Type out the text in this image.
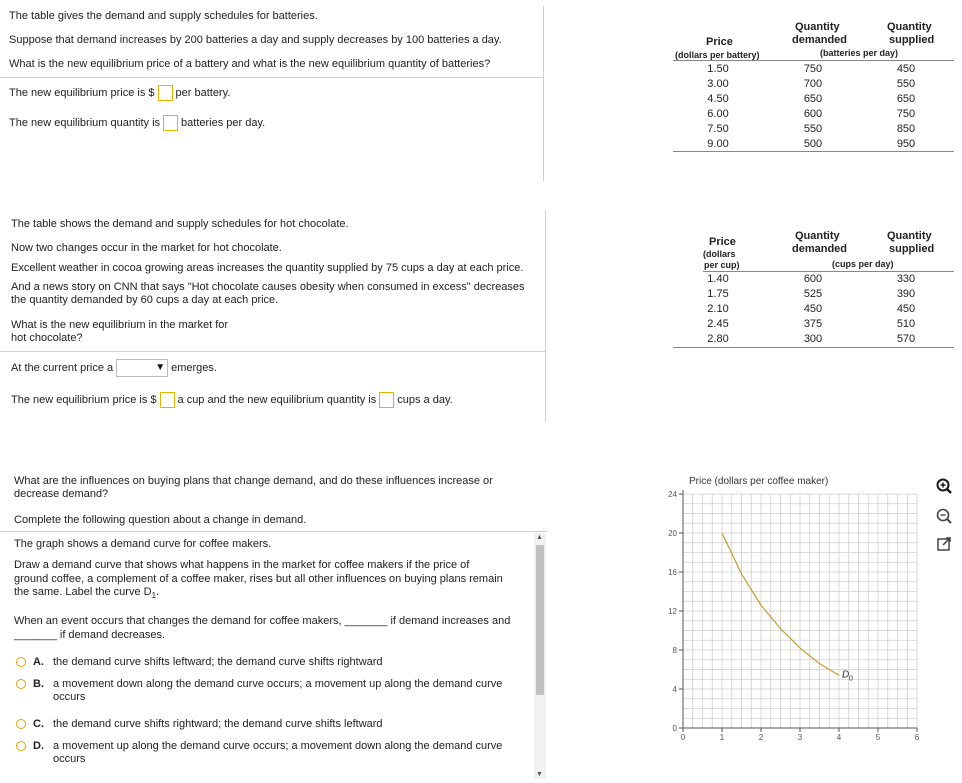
The table gives the demand and supply schedules for batteries.
Suppose that demand increases by 200 batteries a day and supply decreases by 100 batteries a day.
What is the new equilibrium price of a battery and what is the new equilibrium quantity of batteries?
The new equilibrium price is $ per battery.
The new equilibrium quantity is batteries per day.
Price
(dollars per battery)
Quantity
demanded
Quantity
supplied
(batteries per day)
1.50	750	450
3.00	700	550
4.50	650	650
6.00	600	750
7.50	550	850
9.00	500	950
The table shows the demand and supply schedules for hot chocolate.
Now two changes occur in the market for hot chocolate.
Excellent weather in cocoa growing areas increases the quantity supplied by 75 cups a day at each price.
And a news story on CNN that says "Hot chocolate causes obesity when consumed in excess" decreases
the quantity demanded by 60 cups a day at each price.
What is the new equilibrium in the market for
hot chocolate?
At the current price a	▼ emerges.
The new equilibrium price is $ a cup and the new equilibrium quantity is cups a day.
Price
(dollars
per cup)
Quantity
demanded
Quantity
supplied
(cups per day)
1.40	600	330
1.75	525	390
2.10	450	450
2.45	375	510
2.80	300	570
What are the influences on buying plans that change demand, and do these influences increase or
decrease demand?
Complete the following question about a change in demand.
The graph shows a demand curve for coffee makers.
Draw a demand curve that shows what happens in the market for coffee makers if the price of
ground coffee, a complement of a coffee maker, rises but all other influences on buying plans remain
the same. Label the curve $D_1$.
When an event occurs that changes the demand for coffee makers, _______ if demand increases and
_______ if demand decreases.
A. the demand curve shifts leftward; the demand curve shifts rightward
B. a movement down along the demand curve occurs; a movement up along the demand curve occurs
C. the demand curve shifts rightward; the demand curve shifts leftward
D. a movement up along the demand curve occurs; a movement down along the demand curve occurs
▲
▼
Price (dollars per coffee maker)
0
4
8
12
16
20
24
0	1	2	3	4	5	6
D 0
